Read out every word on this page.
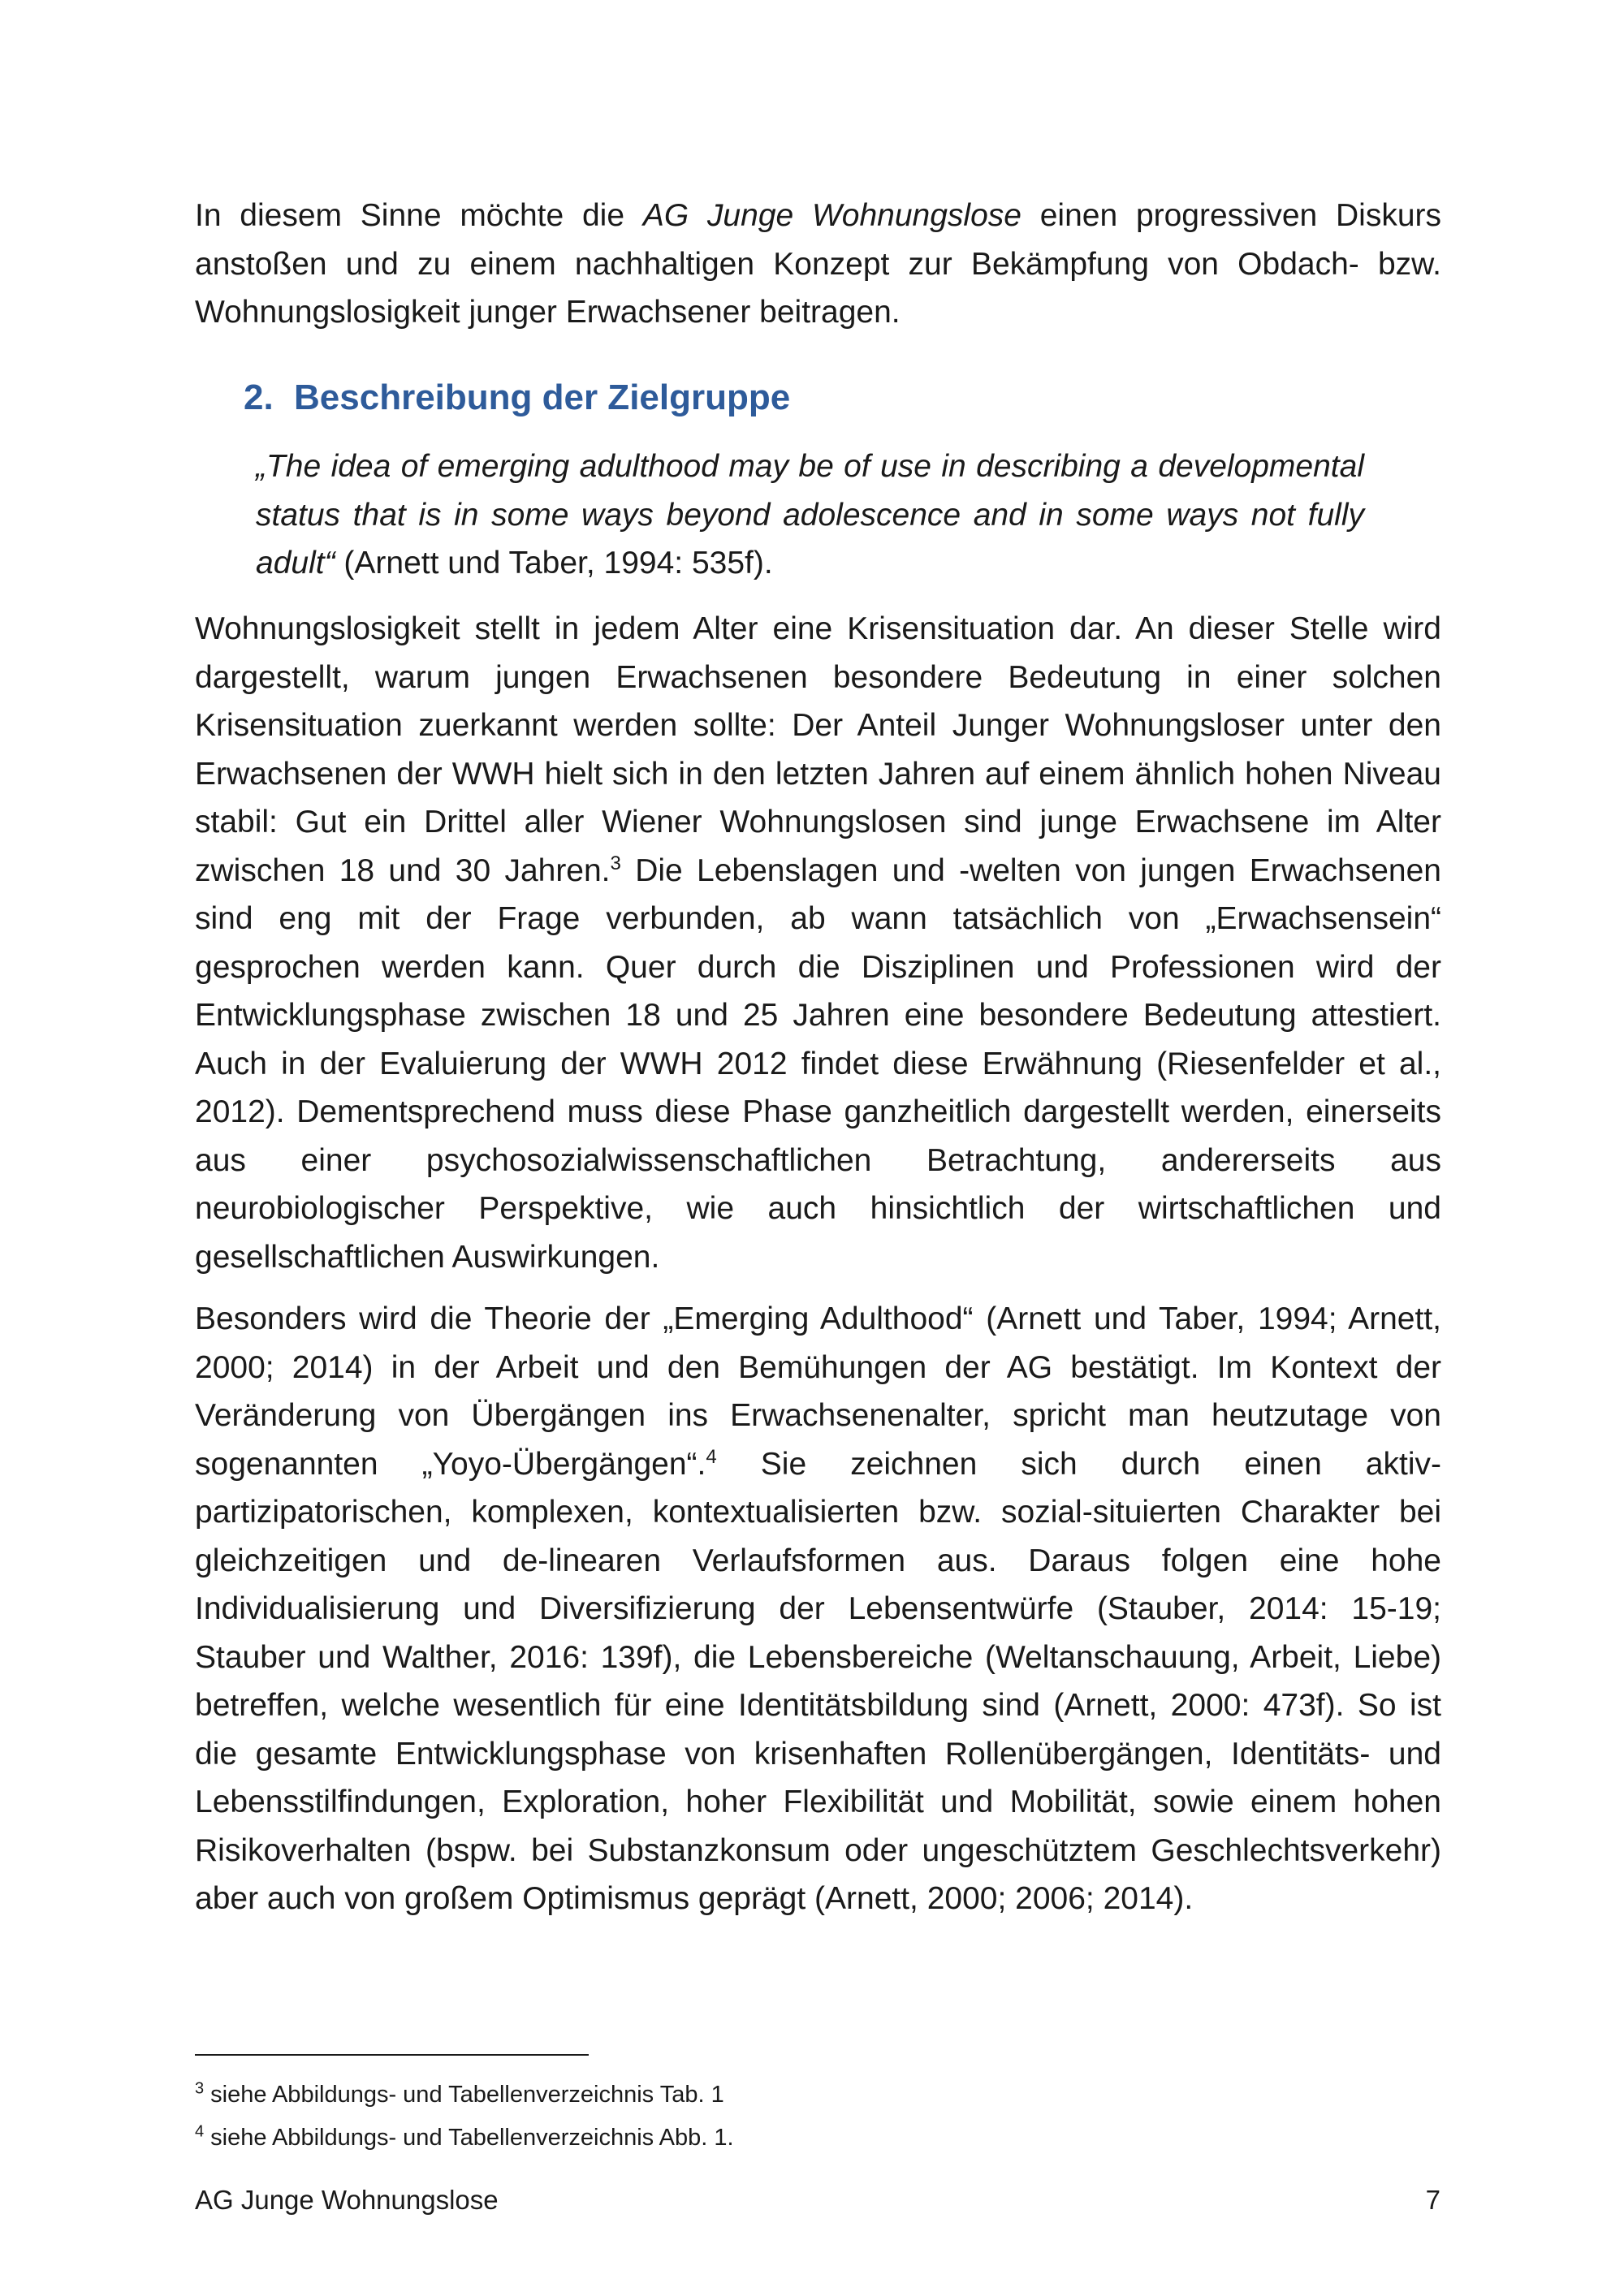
In diesem Sinne möchte die AG Junge Wohnungslose einen progressiven Diskurs anstoßen und zu einem nachhaltigen Konzept zur Bekämpfung von Obdach- bzw. Wohnungslosigkeit junger Erwachsener beitragen.

2. Beschreibung der Zielgruppe

„The idea of emerging adulthood may be of use in describing a developmental status that is in some ways beyond adolescence and in some ways not fully adult“ (Arnett und Taber, 1994: 535f).

Wohnungslosigkeit stellt in jedem Alter eine Krisensituation dar. An dieser Stelle wird dargestellt, warum jungen Erwachsenen besondere Bedeutung in einer solchen Krisensituation zuerkannt werden sollte: Der Anteil Junger Wohnungsloser unter den Erwachsenen der WWH hielt sich in den letzten Jahren auf einem ähnlich hohen Niveau stabil: Gut ein Drittel aller Wiener Wohnungslosen sind junge Erwachsene im Alter zwischen 18 und 30 Jahren.$^3$ Die Lebenslagen und -welten von jungen Erwachsenen sind eng mit der Frage verbunden, ab wann tatsächlich von „Erwachsensein“ gesprochen werden kann. Quer durch die Disziplinen und Professionen wird der Entwicklungsphase zwischen 18 und 25 Jahren eine besondere Bedeutung attestiert. Auch in der Evaluierung der WWH 2012 findet diese Erwähnung (Riesenfelder et al., 2012). Dementsprechend muss diese Phase ganzheitlich dargestellt werden, einerseits aus einer psychosozialwissenschaftlichen Betrachtung, andererseits aus neurobiologischer Perspektive, wie auch hinsichtlich der wirtschaftlichen und gesellschaftlichen Auswirkungen.

Besonders wird die Theorie der „Emerging Adulthood“ (Arnett und Taber, 1994; Arnett, 2000; 2014) in der Arbeit und den Bemühungen der AG bestätigt. Im Kontext der Veränderung von Übergängen ins Erwachsenenalter, spricht man heutzutage von sogenannten „Yoyo-Übergängen“.$^4$ Sie zeichnen sich durch einen aktiv-partizipatorischen, komplexen, kontextualisierten bzw. sozial-situierten Charakter bei gleichzeitigen und de-linearen Verlaufsformen aus. Daraus folgen eine hohe Individualisierung und Diversifizierung der Lebensentwürfe (Stauber, 2014: 15-19; Stauber und Walther, 2016: 139f), die Lebensbereiche (Weltanschauung, Arbeit, Liebe) betreffen, welche wesentlich für eine Identitätsbildung sind (Arnett, 2000: 473f). So ist die gesamte Entwicklungsphase von krisenhaften Rollenübergängen, Identitäts- und Lebensstilfindungen, Exploration, hoher Flexibilität und Mobilität, sowie einem hohen Risikoverhalten (bspw. bei Substanzkonsum oder ungeschütztem Geschlechtsverkehr) aber auch von großem Optimismus geprägt (Arnett, 2000; 2006; 2014).

$^3$ siehe Abbildungs- und Tabellenverzeichnis Tab. 1

$^4$ siehe Abbildungs- und Tabellenverzeichnis Abb. 1.

AG Junge Wohnungslose	7
